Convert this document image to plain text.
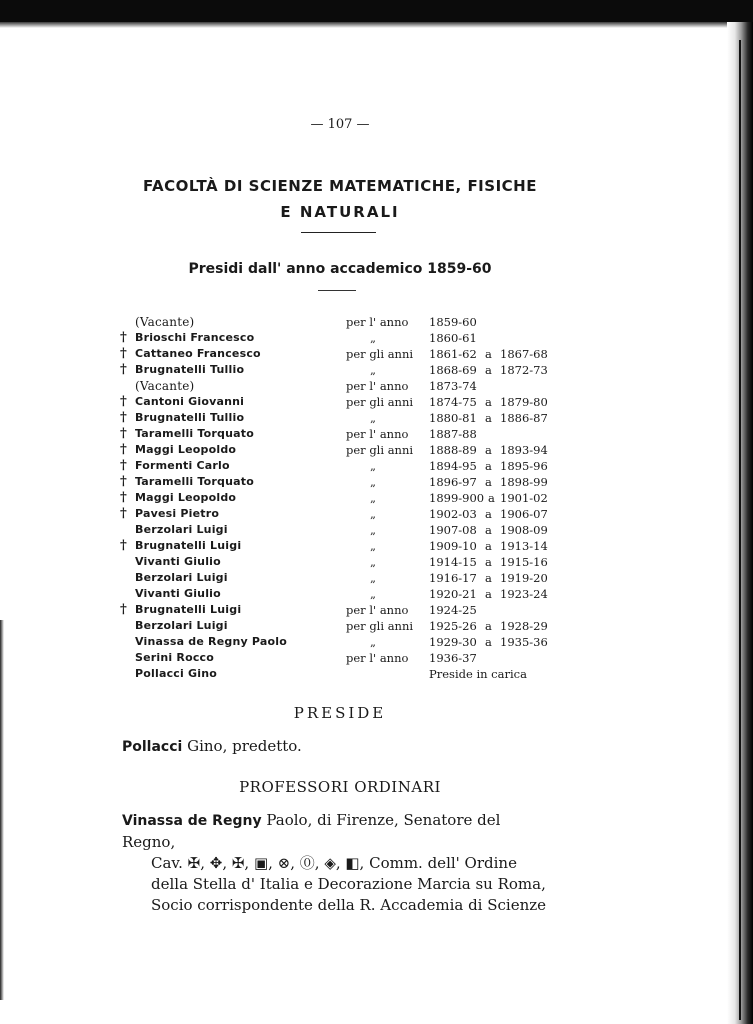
— 107 —
FACOLTÀ DI SCIENZE MATEMATICHE, FISICHE
E NATURALI
Presidi dall' anno accademico 1859-60
(Vacante)	per l' anno 1859-60
† Brioschi Francesco	„	1860-61
† Cattaneo Francesco	per gli anni 1861-62 a 1867-68
† Brugnatelli Tullio	„	1868-69 a 1872-73
(Vacante)	per l' anno 1873-74
† Cantoni Giovanni	per gli anni 1874-75 a 1879-80
† Brugnatelli Tullio	„	1880-81 a 1886-87
† Taramelli Torquato	per l' anno 1887-88
† Maggi Leopoldo	per gli anni 1888-89 a 1893-94
† Formenti Carlo	„	1894-95 a 1895-96
† Taramelli Torquato	„	1896-97 a 1898-99
† Maggi Leopoldo	„	1899-900 a 1901-02
† Pavesi Pietro	„	1902-03 a 1906-07
Berzolari Luigi	„	1907-08 a 1908-09
† Brugnatelli Luigi	„	1909-10 a 1913-14
Vivanti Giulio	„	1914-15 a 1915-16
Berzolari Luigi	„	1916-17 a 1919-20
Vivanti Giulio	„	1920-21 a 1923-24
† Brugnatelli Luigi	per l' anno 1924-25
Berzolari Luigi	per gli anni 1925-26 a 1928-29
Vinassa de Regny Paolo	„	1929-30 a 1935-36
Serini Rocco	per l' anno 1936-37
Pollacci Gino	Preside in carica
PRESIDE
Pollacci Gino, predetto.
PROFESSORI ORDINARI
Vinassa de Regny Paolo, di Firenze, Senatore del Regno,
Cav. ✠, ✥, ✠, ▣, ⊗, ⓪, ◈, ◧, Comm. dell' Ordine
della Stella d' Italia e Decorazione Marcia su Roma,
Socio corrispondente della R. Accademia di Scienze
